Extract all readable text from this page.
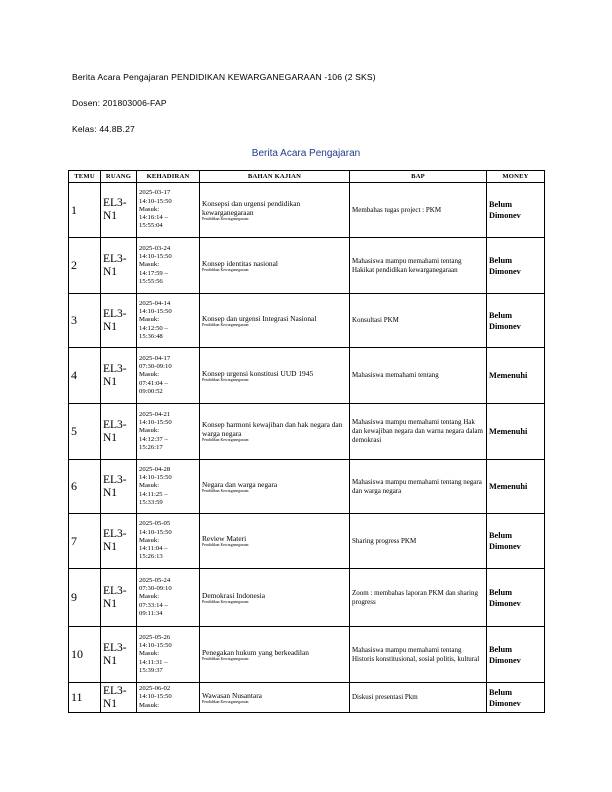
Berita Acara Pengajaran PENDIDIKAN KEWARGANEGARAAN -106 (2 SKS)
Dosen: 201803006-FAP
Kelas: 44.8B.27
Berita Acara Pengajaran
TEMU	RUANG	KEHADIRAN	BAHAN KAJIAN	BAP	MONEY
1	EL3-N1	2025-03-17
14:10-15:50
Masuk:
14:16:14 –
15:55:04	Konsepsi dan urgensi pendidikan kewarganegaraan
Pendidikan Kewarganegaraan	Membahas tugas project : PKM	Belum Dimonev
2	EL3-N1	2025-03-24
14:10-15:50
Masuk:
14:17:59 –
15:55:56	Konsep identitas nasional
Pendidikan Kewarganegaraan	Mahasiswa mampu memahami tentang Hakikat pendidikan kewarganegaraan	Belum Dimonev
3	EL3-N1	2025-04-14
14:10-15:50
Masuk:
14:12:50 –
15:36:48	Konsep dan urgensi Integrasi Nasional
Pendidikan Kewarganegaraan	Konsultasi PKM	Belum Dimonev
4	EL3-N1	2025-04-17
07:30-09:10
Masuk:
07:41:04 –
09:00:52	Konsep urgensi konstitusi UUD 1945
Pendidikan Kewarganegaraan	Mahasiswa memahami tentang	Memenuhi
5	EL3-N1	2025-04-21
14:10-15:50
Masuk:
14:12:37 –
15:26:17	Konsep harmoni kewajiban dan hak negara dan warga negara
Pendidikan Kewarganegaraan	Mahasiswa mampu memahami tentang Hak dan kewajiban negara dan warna negara dalam demokrasi	Memenuhi
6	EL3-N1	2025-04-28
14:10-15:50
Masuk:
14:11:25 –
15:33:59	Negara dan warga negara
Pendidikan Kewarganegaraan	Mahasiswa mampu memahami tentang negara dan warga negara	Memenuhi
7	EL3-N1	2025-05-05
14:10-15:50
Masuk:
14:11:04 –
15:26:13	Review Materi
Pendidikan Kewarganegaraan	Sharing progress PKM	Belum Dimonev
9	EL3-N1	2025-05-24
07:30-09:10
Masuk:
07:33:14 –
09:11:34	Demokrasi Indonesia
Pendidikan Kewarganegaraan	Zoom : membahas laporan PKM dan sharing progress	Belum Dimonev
10	EL3-N1	2025-05-26
14:10-15:50
Masuk:
14:11:31 –
15:39:37	Penegakan hukum yang berkeadilan
Pendidikan Kewarganegaraan	Mahasiswa mampu memahami tentang Historis konstitusional, sosial politis, kultural	Belum Dimonev
11	EL3-N1	2025-06-02
14:10-15:50
Masuk:	Wawasan Nusantara
Pendidikan Kewarganegaraan	Diskusi presentasi Pkm	Belum Dimonev
